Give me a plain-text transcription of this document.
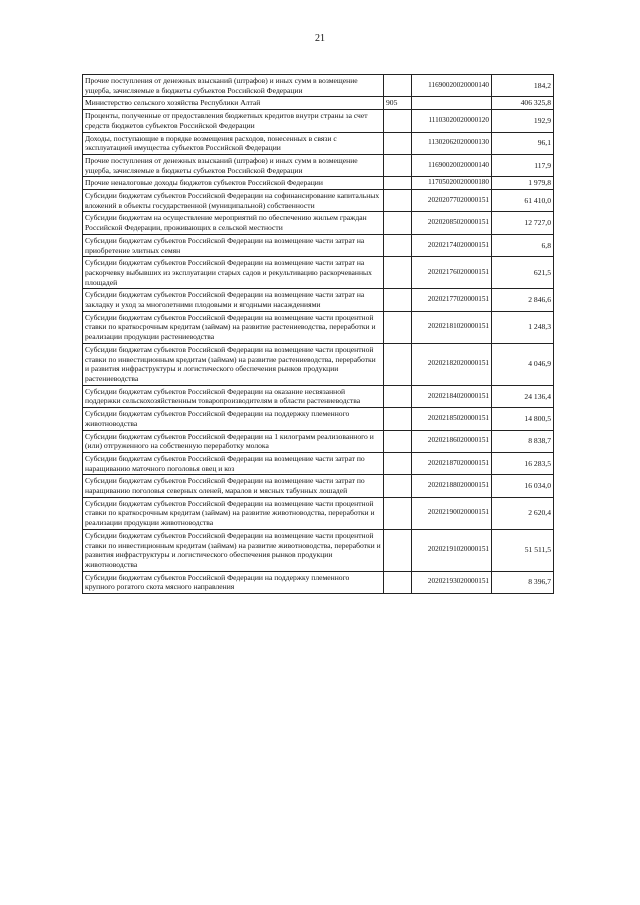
21
Прочие поступления от денежных взысканий (штрафов) и иных сумм в возмещение ущерба, зачисляемые в бюджеты субъектов Российской Федерации		11690020020000140	184,2
Министерство сельского хозяйства Республики Алтай	905		406 325,8
Проценты, полученные от предоставления бюджетных кредитов внутри страны за счет средств бюджетов субъектов Российской Федерации		11103020020000120	192,9
Доходы, поступающие в порядке возмещения расходов, понесенных в связи с эксплуатацией имущества субъектов Российской Федерации		11302062020000130	96,1
Прочие поступления от денежных взысканий (штрафов) и иных сумм в возмещение ущерба, зачисляемые в бюджеты субъектов Российской Федерации		11690020020000140	117,9
Прочие неналоговые доходы бюджетов субъектов Российской Федерации		11705020020000180	1 979,8
Субсидии бюджетам субъектов Российской Федерации на софинансирование капитальных вложений в объекты государственной (муниципальной) собственности		20202077020000151	61 410,0
Субсидии бюджетам на осуществление мероприятий по обеспечению жильем граждан Российской Федерации, проживающих в сельской местности		20202085020000151	12 727,0
Субсидии бюджетам субъектов Российской Федерации на возмещение части затрат на приобретение элитных семян		20202174020000151	6,8
Субсидии бюджетам субъектов Российской Федерации на возмещение части затрат на раскорчевку выбывших из эксплуатации старых садов и рекультивацию раскорчеванных площадей		20202176020000151	621,5
Субсидии бюджетам субъектов Российской Федерации на возмещение части затрат на закладку и уход за многолетними плодовыми и ягодными насаждениями		20202177020000151	2 846,6
Субсидии бюджетам субъектов Российской Федерации на возмещение части процентной ставки по краткосрочным кредитам (займам) на развитие растениеводства, переработки и реализации продукции растениеводства		20202181020000151	1 248,3
Субсидии бюджетам субъектов Российской Федерации на возмещение части процентной ставки по инвестиционным кредитам (займам) на развитие растениеводства, переработки и развития инфраструктуры и логистического обеспечения рынков продукции растениеводства		20202182020000151	4 046,9
Субсидии бюджетам субъектов Российской Федерации на оказание несвязанной поддержки сельскохозяйственным товаропроизводителям в области растениеводства		20202184020000151	24 136,4
Субсидии бюджетам субъектов Российской Федерации на поддержку племенного животноводства		20202185020000151	14 800,5
Субсидии бюджетам субъектов Российской Федерации на 1 килограмм реализованного и (или) отгруженного на собственную переработку молока		20202186020000151	8 838,7
Субсидии бюджетам субъектов Российской Федерации на возмещение части затрат по наращиванию маточного поголовья овец и коз		20202187020000151	16 283,5
Субсидии бюджетам субъектов Российской Федерации на возмещение части затрат по наращиванию поголовья северных оленей, маралов и мясных табунных лошадей		20202188020000151	16 034,0
Субсидии бюджетам субъектов Российской Федерации на возмещение части процентной ставки по краткосрочным кредитам (займам) на развитие животноводства, переработки и реализации продукции животноводства		20202190020000151	2 620,4
Субсидии бюджетам субъектов Российской Федерации на возмещение части процентной ставки по инвестиционным кредитам (займам) на развитие животноводства, переработки и развития инфраструктуры и логистического обеспечения рынков продукции животноводства		20202191020000151	51 511,5
Субсидии бюджетам субъектов Российской Федерации на поддержку племенного крупного рогатого скота мясного направления		20202193020000151	8 396,7
